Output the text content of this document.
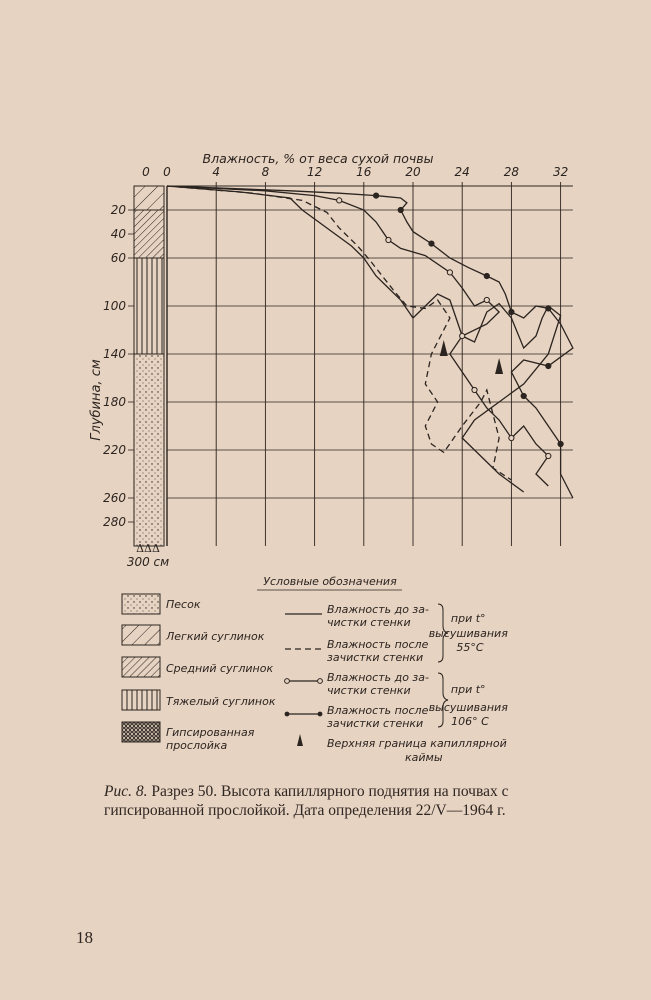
Влажность, % от веса сухой почвы
4	8	12	16	20	24	28	32
0 0
20
40
60
100
140
180
220
260
280
Глубина, см
ΔΔΔ
300 см
Условные обозначения
Песок
Легкий суглинок
Средний суглинок
Тяжелый суглинок
Гипсированная прослойка
Влажность до за- чистки стенки
Влажность после зачистки стенки
Влажность до за- чистки стенки
Влажность после зачистки стенки
при t° высушивания 55°С
при t° высушивания 106° С
Верхняя граница капиллярной каймы
Рис. 8. Разрез 50. Высота капиллярного поднятия на почвах с гипсированной прослойкой. Дата определения 22/V—1964 г.
18
